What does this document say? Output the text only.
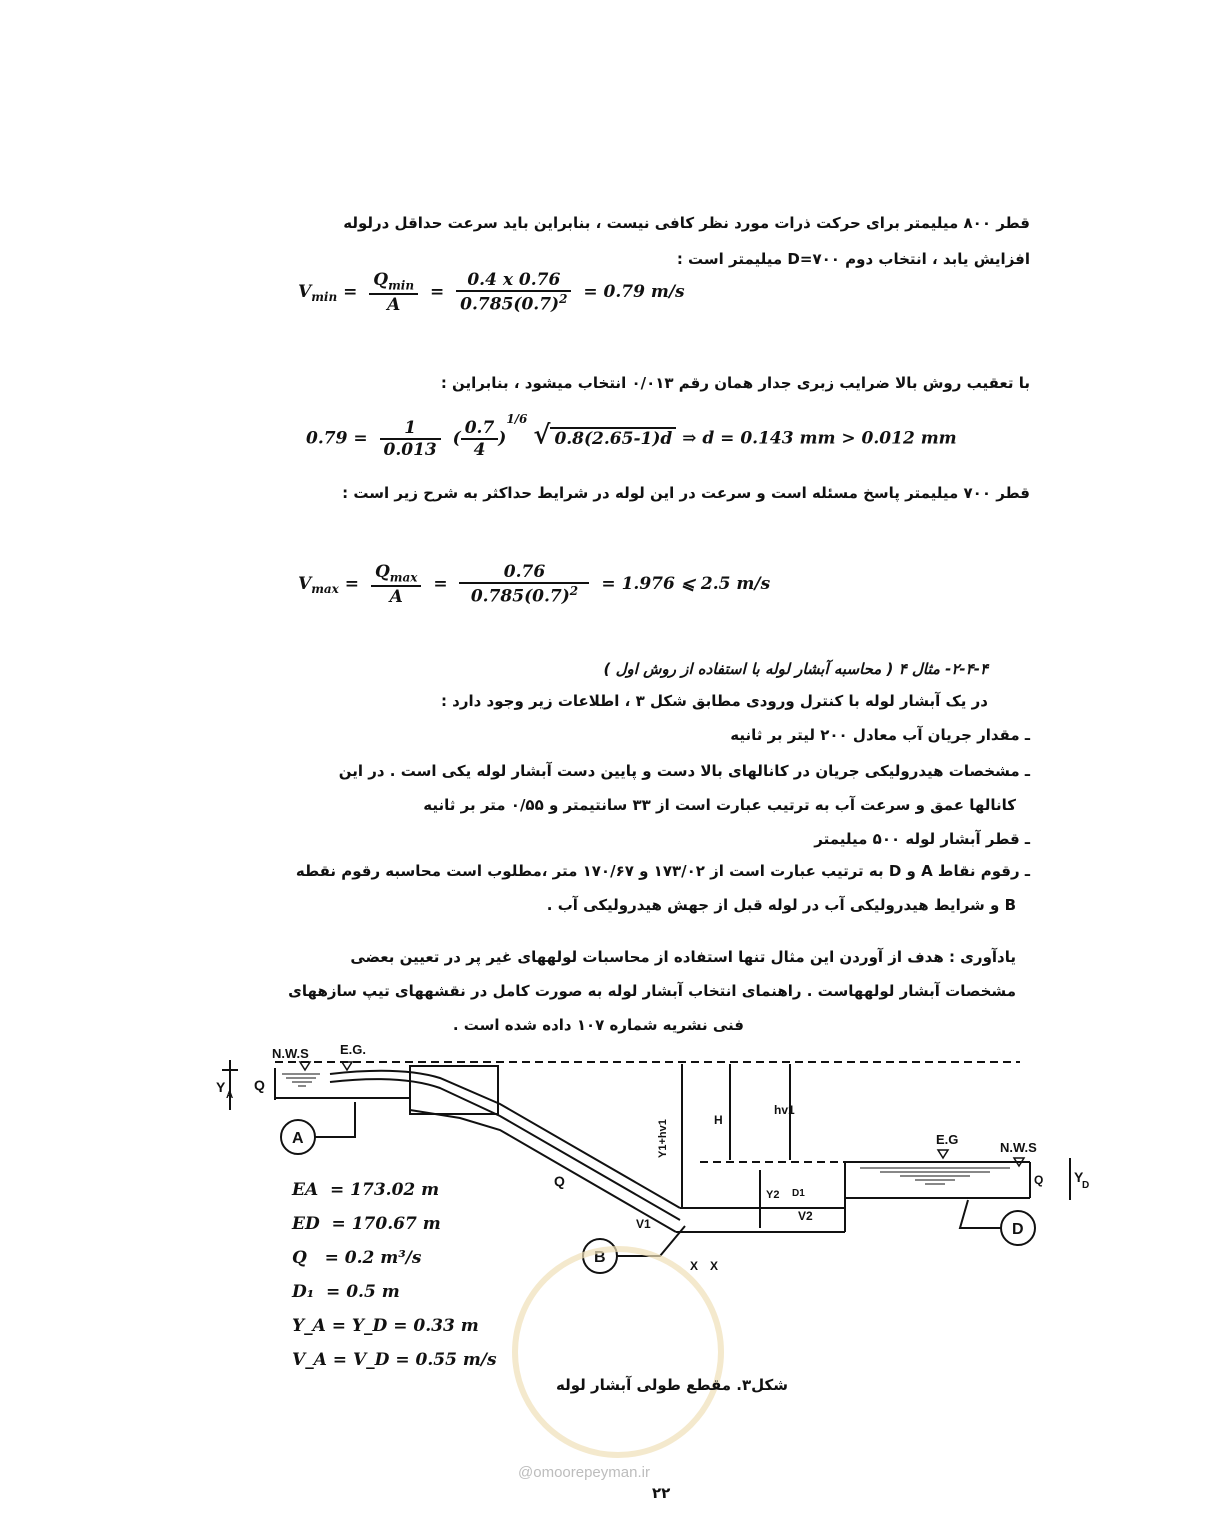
قطر ۸۰۰ میلیمتر برای حرکت ذرات مورد نظر کافی نیست ، بنابراین باید سرعت حداقل درلوله
افزایش یابد ، انتخاب دوم ۷۰۰=D میلیمتر است :
$V_{min} = \frac{Q_{min}}{A} = \frac{0.4 x 0.76}{0.785(0.7)^2} = 0.79$ m/s
با تعقیب روش بالا ضرایب زبری جدار همان رقم ۰/۰۱۳ انتخاب میشود ، بنابراین :
$0.79 = \frac{1}{0.013}$ ( $\frac{0.7}{4} )^{1/6}$ √ 0.8(2.65-1)d ⇒ d = 0.143 mm > 0.012 mm
قطر ۷۰۰ میلیمتر پاسخ مسئله است و سرعت در این لوله در شرایط حداکثر به شرح زیر است :
$V_{max} = \frac{Q_{max}}{A} = \frac{0.76}{0.785(0.7)^2} = 1.976$ ⩽ 2.5 m/s
۲-۴-۴- مثال ۴ ( محاسبه آبشار لوله با استفاده از روش اول )
در یک آبشار لوله با کنترل ورودی مطابق شکل ۳ ، اطلاعات زیر وجود دارد :
ـ مقدار جریان آب معادل ۲۰۰ لیتر بر ثانیه
ـ مشخصات هیدرولیکی جریان در کانالهای بالا دست و پایین دست آبشار لوله یکی است . در این
کانالها عمق و سرعت آب به ترتیب عبارت است از ۳۳ سانتیمتر و ۰/۵۵ متر بر ثانیه
ـ قطر آبشار لوله ۵۰۰ میلیمتر
ـ رقوم نقاط A و D به ترتیب عبارت است از ۱۷۳/۰۲ و ۱۷۰/۶۷ متر ،مطلوب است محاسبه رقوم نقطه
B و شرایط هیدرولیکی آب در لوله قبل از جهش هیدرولیکی آب .
یادآوری : هدف از آوردن این مثال تنها استفاده از محاسبات لولههای غیر پر در تعیین بعضی
مشخصات آبشار لولههاست . راهنمای انتخاب آبشار لوله به صورت کامل در نقشههای تیپ سازههای
فنی نشریه شماره ۱۰۷ داده شده است .
N.W.S E.G.
Y
A
Q
A
B
D
H
hv1
Y1+hv1
Q
Y2
V1
V2
E.G
N.W.S
Q Y
D
X X
D1
EA = 173.02 m
ED = 170.67 m
Q = 0.2 m³/s
D₁ = 0.5 m
Y_A = Y_D = 0.33 m
V_A = V_D = 0.55 m/s
شکل۳. مقطع طولی آبشار لوله
@omoorepeyman.ir
۲۲
